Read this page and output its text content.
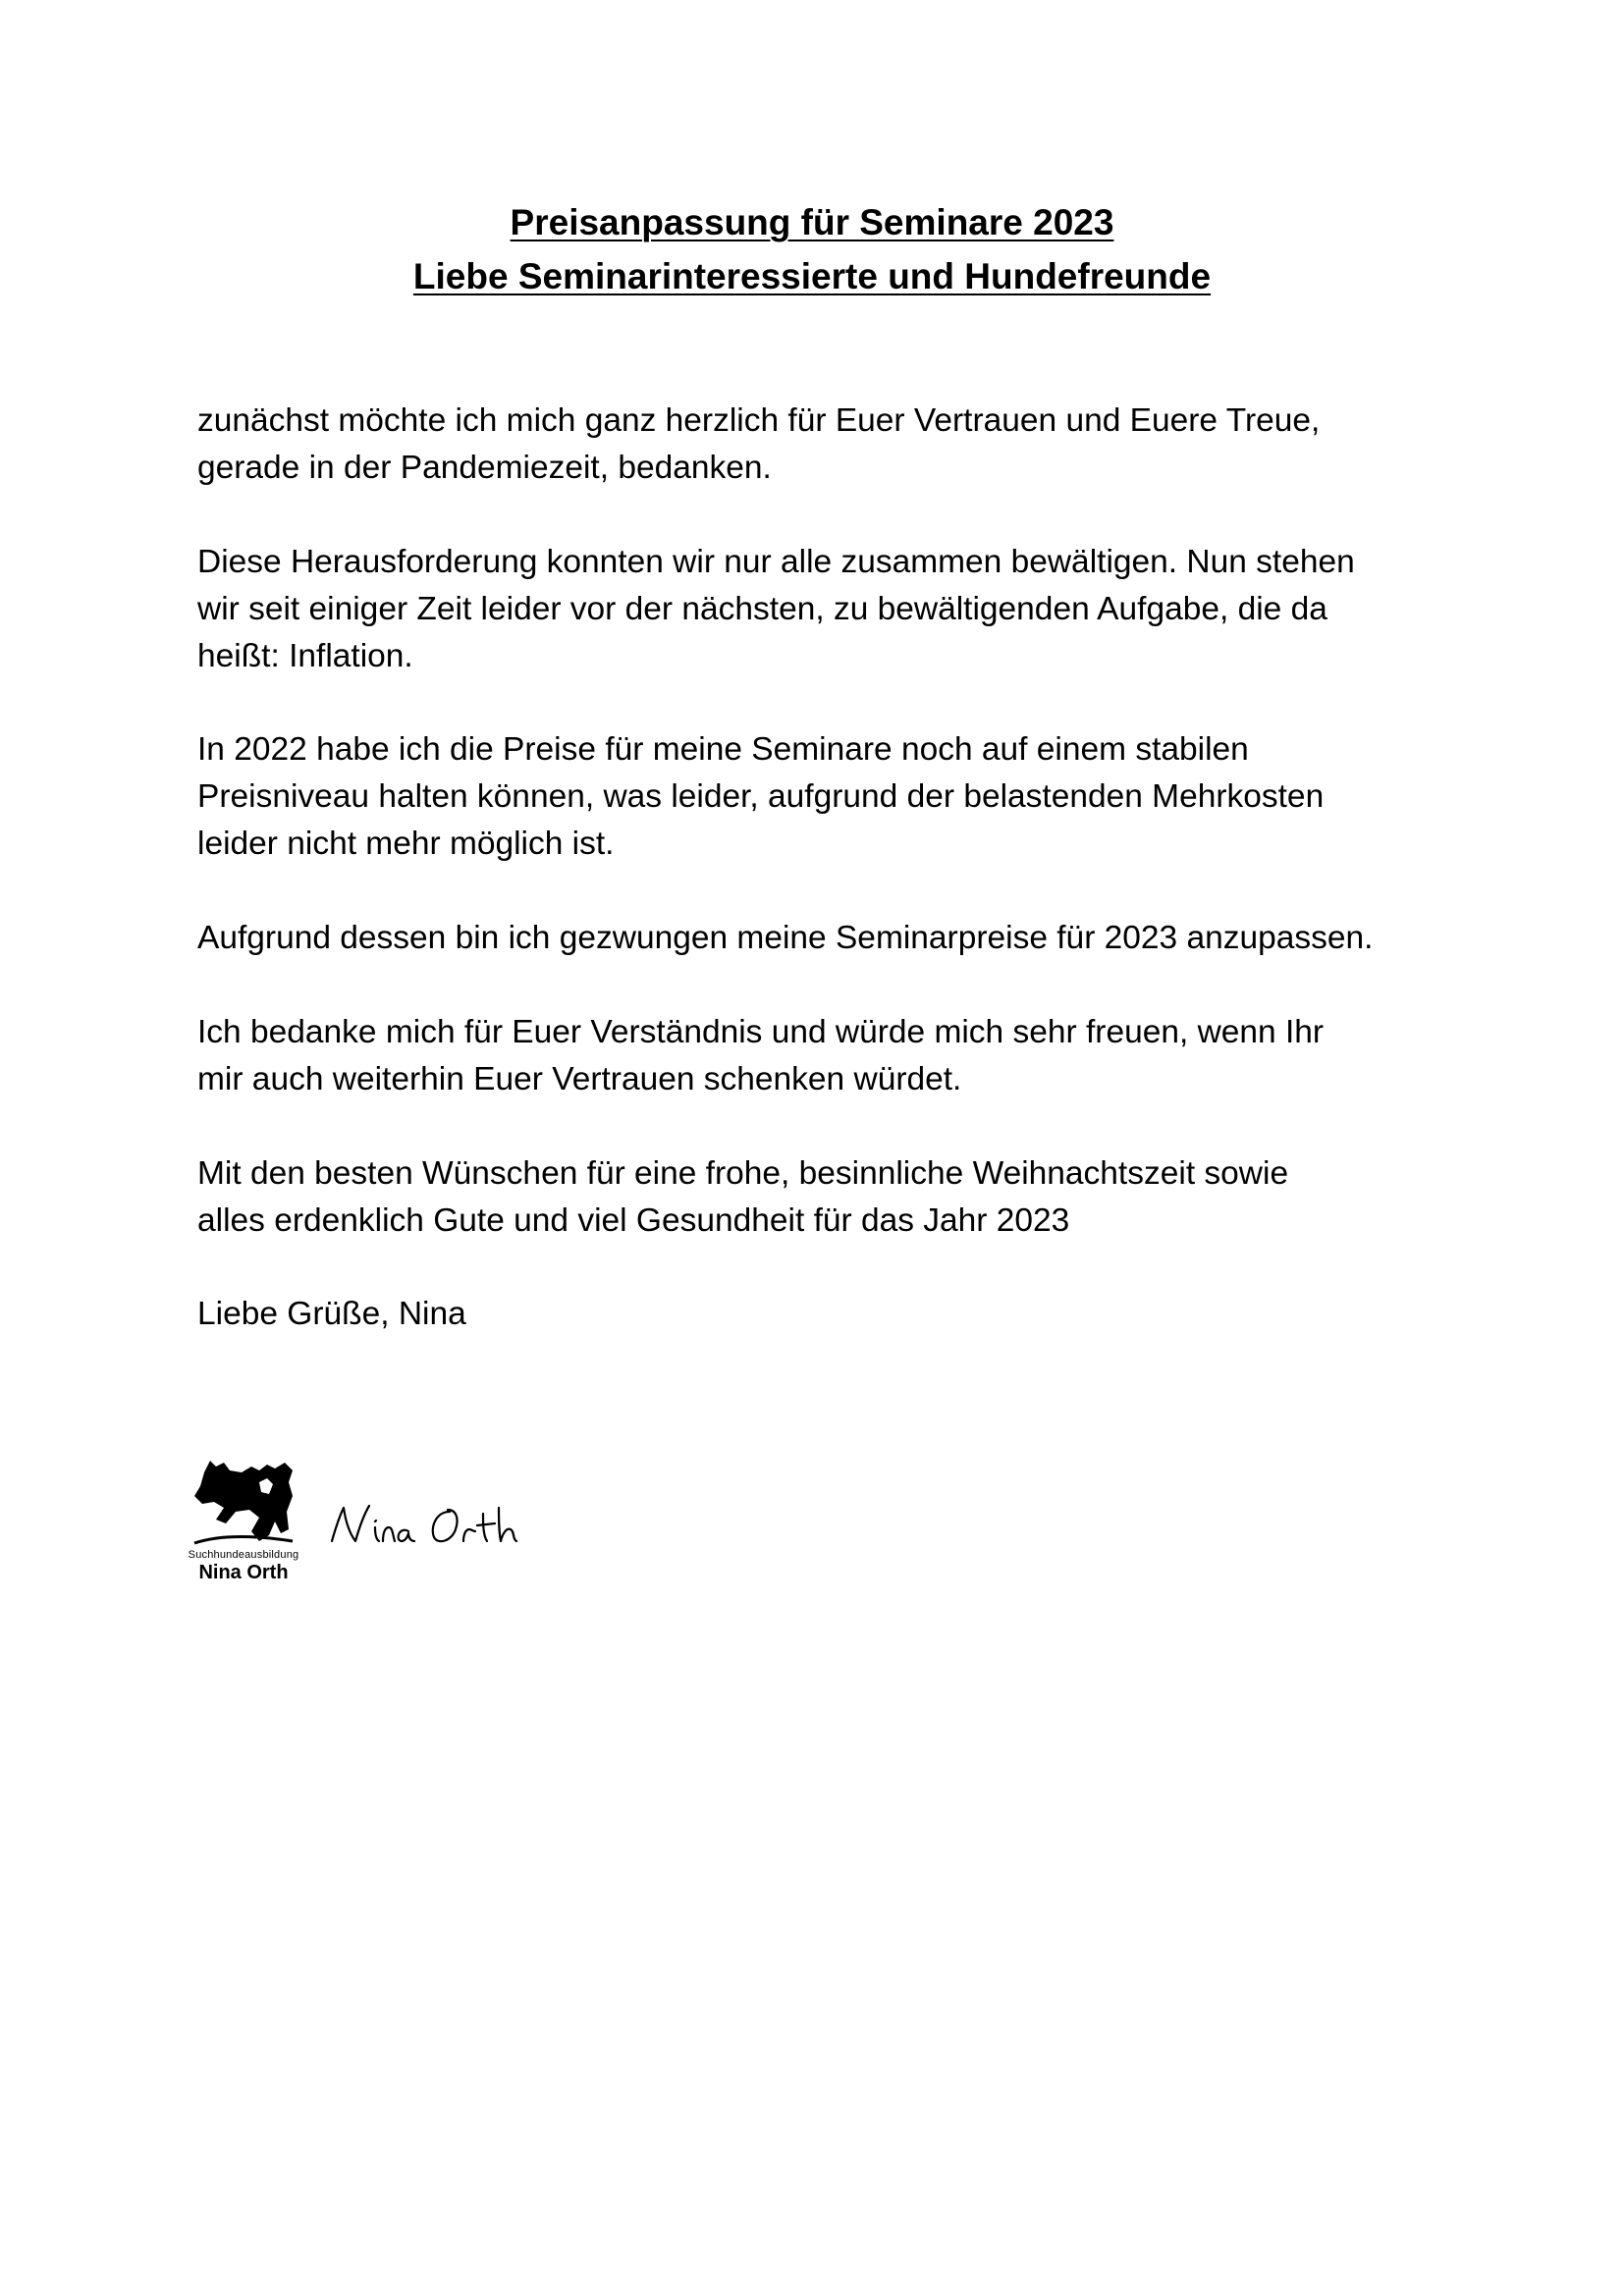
Preisanpassung für Seminare 2023
Liebe Seminarinteressierte und Hundefreunde

zunächst möchte ich mich ganz herzlich für Euer Vertrauen und Euere Treue,
gerade in der Pandemiezeit, bedanken.

Diese Herausforderung konnten wir nur alle zusammen bewältigen. Nun stehen
wir seit einiger Zeit leider vor der nächsten, zu bewältigenden Aufgabe, die da
heißt: Inflation.

In 2022 habe ich die Preise für meine Seminare noch auf einem stabilen
Preisniveau halten können, was leider, aufgrund der belastenden Mehrkosten
leider nicht mehr möglich ist.

Aufgrund dessen bin ich gezwungen meine Seminarpreise für 2023 anzupassen.

Ich bedanke mich für Euer Verständnis und würde mich sehr freuen, wenn Ihr
mir auch weiterhin Euer Vertrauen schenken würdet.

Mit den besten Wünschen für eine frohe, besinnliche Weihnachtszeit sowie
alles erdenklich Gute und viel Gesundheit für das Jahr 2023

Liebe Grüße, Nina

Suchhundeausbildung
Nina Orth
